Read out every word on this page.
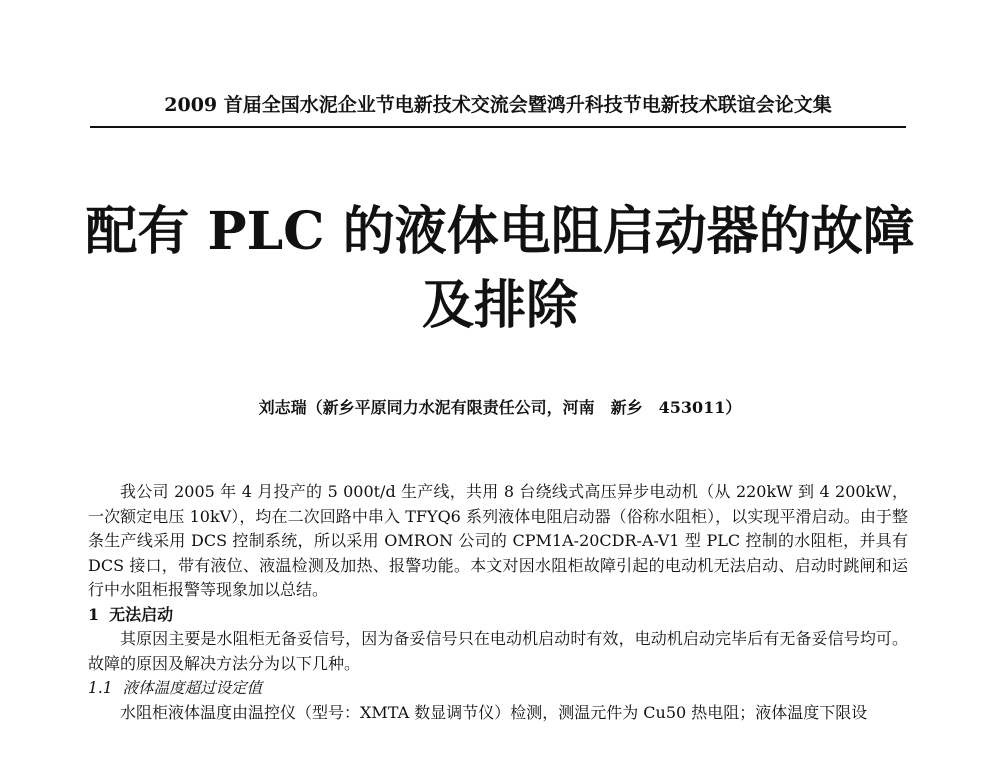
2009 首届全国水泥企业节电新技术交流会暨鸿升科技节电新技术联谊会论文集
配有 PLC 的液体电阻启动器的故障
及排除
刘志瑞（新乡平原同力水泥有限责任公司，河南　新乡　453011）

我公司 2005 年 4 月投产的 5 000t/d 生产线，共用 8 台绕线式高压异步电动机（从 220kW 到 4 200kW，一次额定电压 10kV），均在二次回路中串入 TFYQ6 系列液体电阻启动器（俗称水阻柜），以实现平滑启动。由于整条生产线采用 DCS 控制系统，所以采用 OMRON 公司的 CPM1A-20CDR-A-V1 型 PLC 控制的水阻柜，并具有 DCS 接口，带有液位、液温检测及加热、报警功能。本文对因水阻柜故障引起的电动机无法启动、启动时跳闸和运行中水阻柜报警等现象加以总结。

1 无法启动

其原因主要是水阻柜无备妥信号，因为备妥信号只在电动机启动时有效，电动机启动完毕后有无备妥信号均可。故障的原因及解决方法分为以下几种。

1.1 液体温度超过设定值

水阻柜液体温度由温控仪（型号：XMTA 数显调节仪）检测，测温元件为 Cu50 热电阻；液体温度下限设
